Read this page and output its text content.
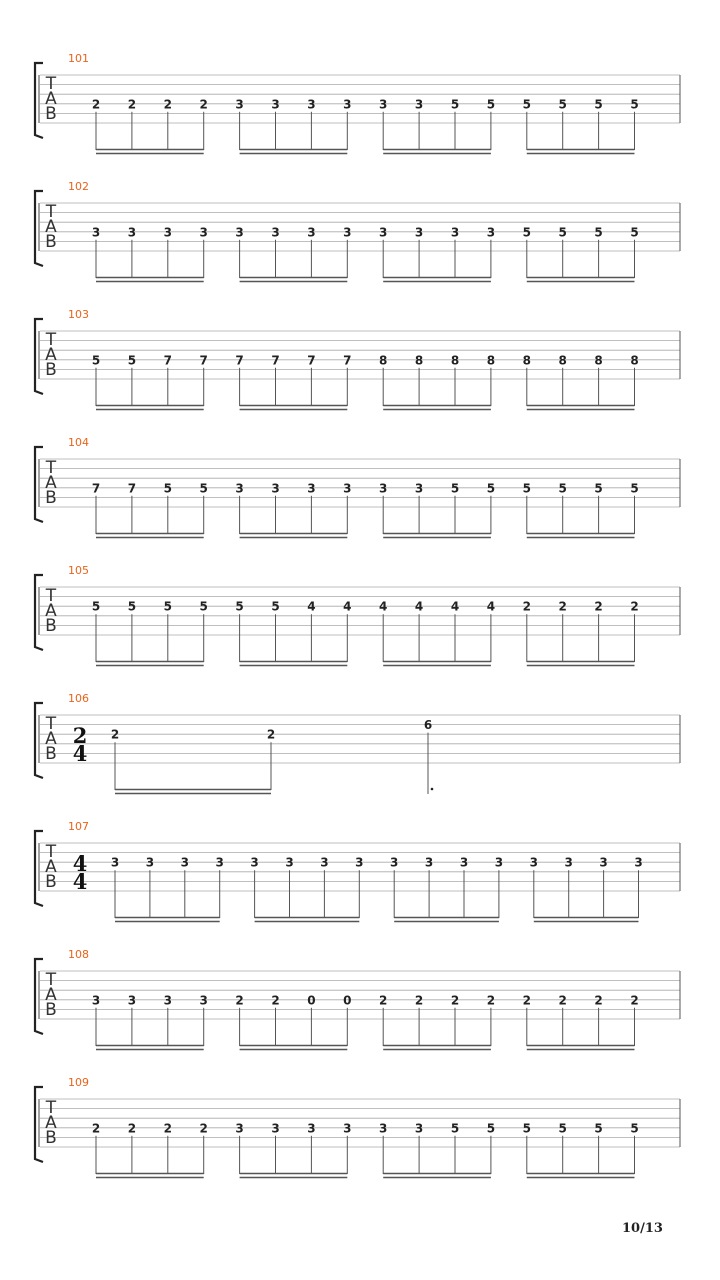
T
A
B
101
2 2 2 2 3 3 3 3 3 3 5 5 5 5 5 5
T
A
B
102
3 3 3 3 3 3 3 3 3 3 3 3 5 5 5 5
T
A
B
103
5 5 7 7 7 7 7 7 8 8 8 8 8 8 8 8
T
A
B
104
7 7 5 5 3 3 3 3 3 3 5 5 5 5 5 5
T
A
B
105
5 5 5 5 5 5 4 4 4 4 4 4 2 2 2 2
T
A
B
106
2
4
2	2
6
T
A
B
107
4
4
3 3 3 3 3 3 3 3 3 3 3 3 3 3 3 3
T
A
B
108
3 3 3 3 2 2 0 0 2 2 2 2 2 2 2 2
T
A
B
109
2 2 2 2 3 3 3 3 3 3 5 5 5 5 5 5
10/13
